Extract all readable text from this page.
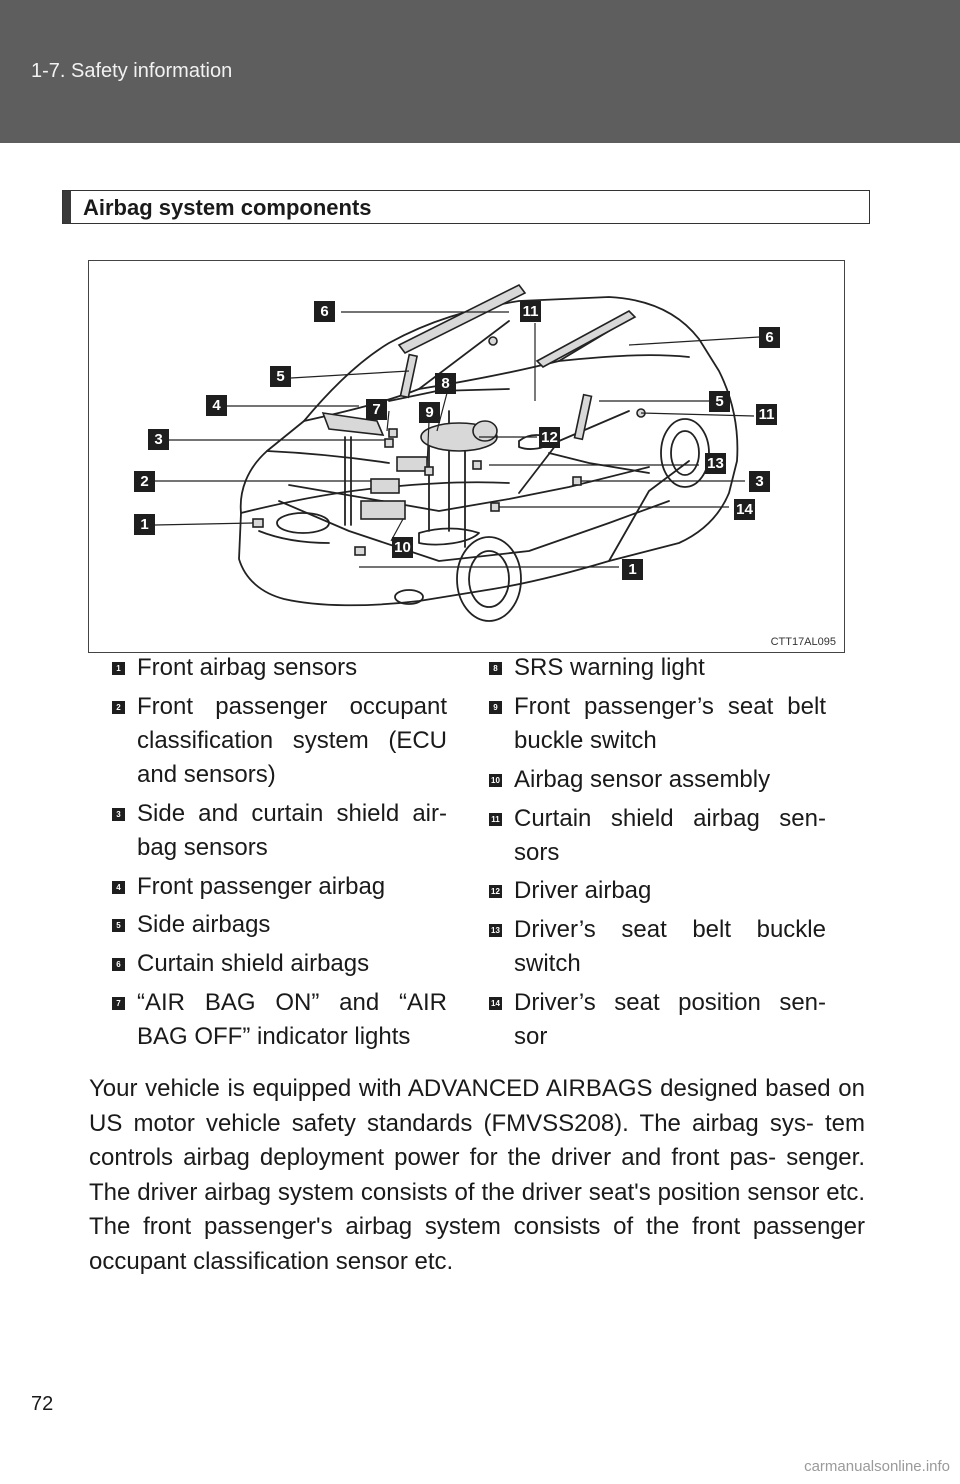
1-7. Safety information
Airbag system components
6	11
6
5	8
4	7	9
5
11
3	12
13
2	3
14
1
10
1
CTT17AL095
1 Front airbag sensors
2 Front passenger occupant classification system (ECU and sensors)
3 Side and curtain shield air- bag sensors
4 Front passenger airbag
5 Side airbags
6 Curtain shield airbags
7 “AIR BAG ON” and “AIR BAG OFF” indicator lights
8 SRS warning light
9 Front passenger’s seat belt buckle switch
10 Airbag sensor assembly
11 Curtain shield airbag sen- sors
12 Driver airbag
13 Driver’s seat belt buckle switch
14 Driver’s seat position sen- sor
Your vehicle is equipped with ADVANCED AIRBAGS designed based on US motor vehicle safety standards (FMVSS208). The airbag sys- tem controls airbag deployment power for the driver and front pas- senger. The driver airbag system consists of the driver seat's position sensor etc. The front passenger's airbag system consists of the front passenger occupant classification sensor etc.
72
carmanualsonline.info
